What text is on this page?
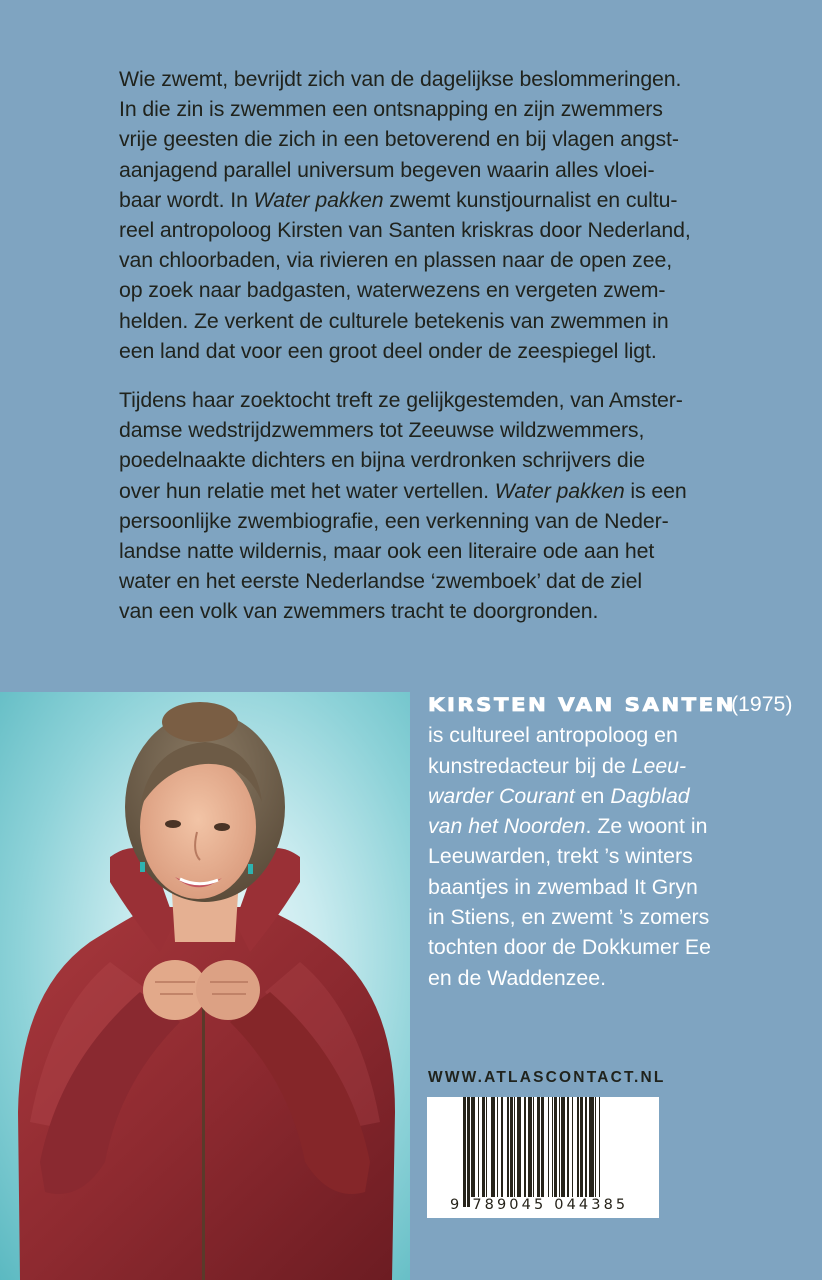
Wie zwemt, bevrijdt zich van de dagelijkse beslommeringen.
In die zin is zwemmen een ontsnapping en zijn zwemmers
vrije geesten die zich in een betoverend en bij vlagen angst-
aanjagend parallel universum begeven waarin alles vloei-
baar wordt. In Water pakken zwemt kunstjournalist en cultu-
reel antropoloog Kirsten van Santen kriskras door Nederland,
van chloorbaden, via rivieren en plassen naar de open zee,
op zoek naar badgasten, waterwezens en vergeten zwem-
helden. Ze verkent de culturele betekenis van zwemmen in
een land dat voor een groot deel onder de zeespiegel ligt.

Tijdens haar zoektocht treft ze gelijkgestemden, van Amster-
damse wedstrijdzwemmers tot Zeeuwse wildzwemmers,
poedelnaakte dichters en bijna verdronken schrijvers die
over hun relatie met het water vertellen. Water pakken is een
persoonlijke zwembiografie, een verkenning van de Neder-
landse natte wildernis, maar ook een literaire ode aan het
water en het eerste Nederlandse ‘zwemboek’ dat de ziel
van een volk van zwemmers tracht te doorgronden.

KIRSTEN VAN SANTEN(1975)
is cultureel antropoloog en
kunstredacteur bij de Leeu-
warder Courant en Dagblad
van het Noorden. Ze woont in
Leeuwarden, trekt ’s winters
baantjes in zwembad It Gryn
in Stiens, en zwemt ’s zomers
tochten door de Dokkumer Ee
en de Waddenzee.
WWW.ATLASCONTACT.NL
9 789045 044385
